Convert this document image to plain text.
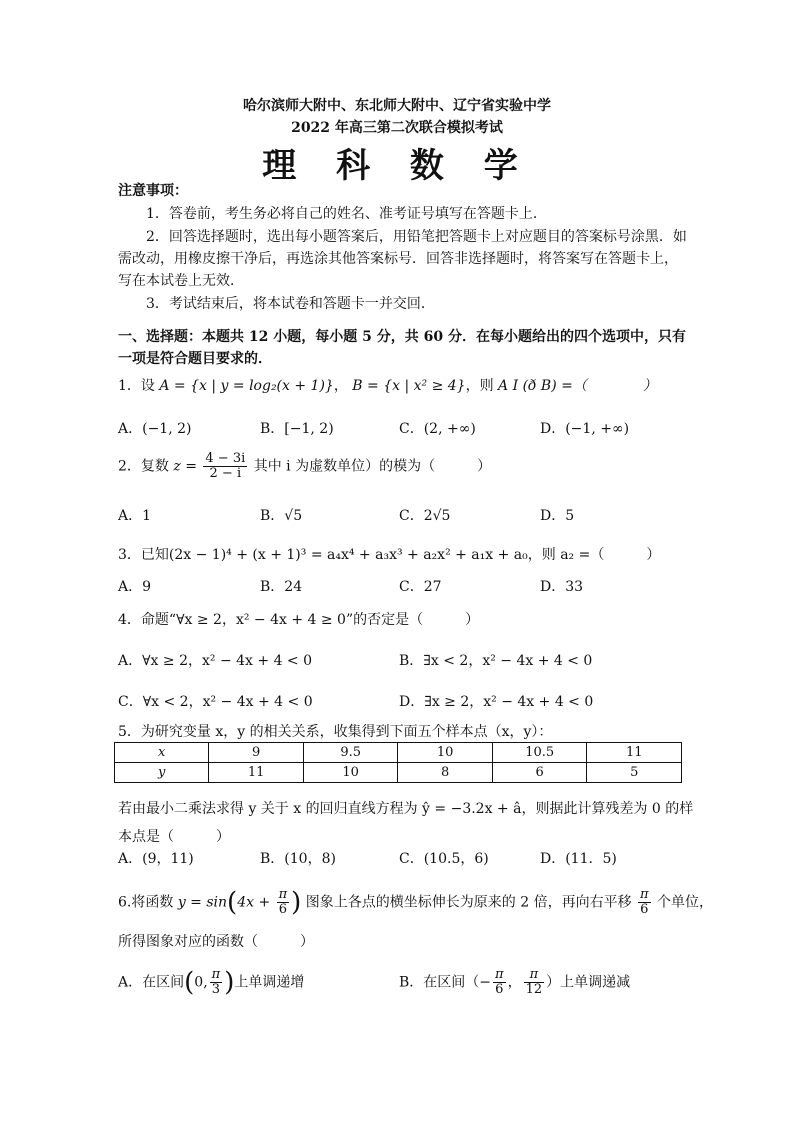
哈尔滨师大附中、东北师大附中、辽宁省实验中学
2022 年高三第二次联合模拟考试
理 科 数 学
注意事项：
1．答卷前，考生务必将自己的姓名、准考证号填写在答题卡上．
2．回答选择题时，选出每小题答案后，用铅笔把答题卡上对应题目的答案标号涂黑．如
需改动，用橡皮擦干净后，再选涂其他答案标号．回答非选择题时，将答案写在答题卡上，
写在本试卷上无效．
3．考试结束后，将本试卷和答题卡一并交回．
一、选择题：本题共 12 小题，每小题 5 分，共 60 分．在每小题给出的四个选项中，只有
一项是符合题目要求的．
1．设 A = {x | y = log₂(x + 1)}， B = {x | x² ≥ 4}，则 A I (ð B) =（　　　　）
A．(−1, 2)	B．[−1, 2)	C．(2, +∞)	D．(−1, +∞)
2．复数 $z = \frac{4 - 3i}{2 - i}$ 其中 i 为虚数单位）的模为（　　　）
A．1	B．√5	C．2√5	D．5
3．已知(2x − 1)⁴ + (x + 1)³ = a₄x⁴ + a₃x³ + a₂x² + a₁x + a₀，则 a₂ =（　　　）
A．9	B．24	C．27	D．33
4．命题“∀x ≥ 2，x² − 4x + 4 ≥ 0”的否定是（　　　）
A．∀x ≥ 2，x² − 4x + 4 < 0	B．∃x < 2，x² − 4x + 4 < 0
C．∀x < 2，x² − 4x + 4 < 0	D．∃x ≥ 2，x² − 4x + 4 < 0
5．为研究变量 x，y 的相关关系，收集得到下面五个样本点（x，y）：
x	9	9.5	10	10.5	11
y	11	10	8	6	5
若由最小二乘法求得 y 关于 x 的回归直线方程为 ŷ = −3.2x + â，则据此计算残差为 0 的样
本点是（　　　）
A．(9，11)	B．(10，8)	C．(10.5，6)	D．(11．5)
6.将函数 $y = \sin(4x + \frac{\pi}{6}$ ) 图象上各点的横坐标伸长为原来的 2 倍，再向右平移 $\frac{\pi}{6}$ 个单位，
所得图象对应的函数（　　　）
A．在区间(0, $\frac{\pi}{3}$ )上单调递增	B．在区间（− $\frac{\pi}{6}$ ， $\frac{\pi}{12}$ ）上单调递减
